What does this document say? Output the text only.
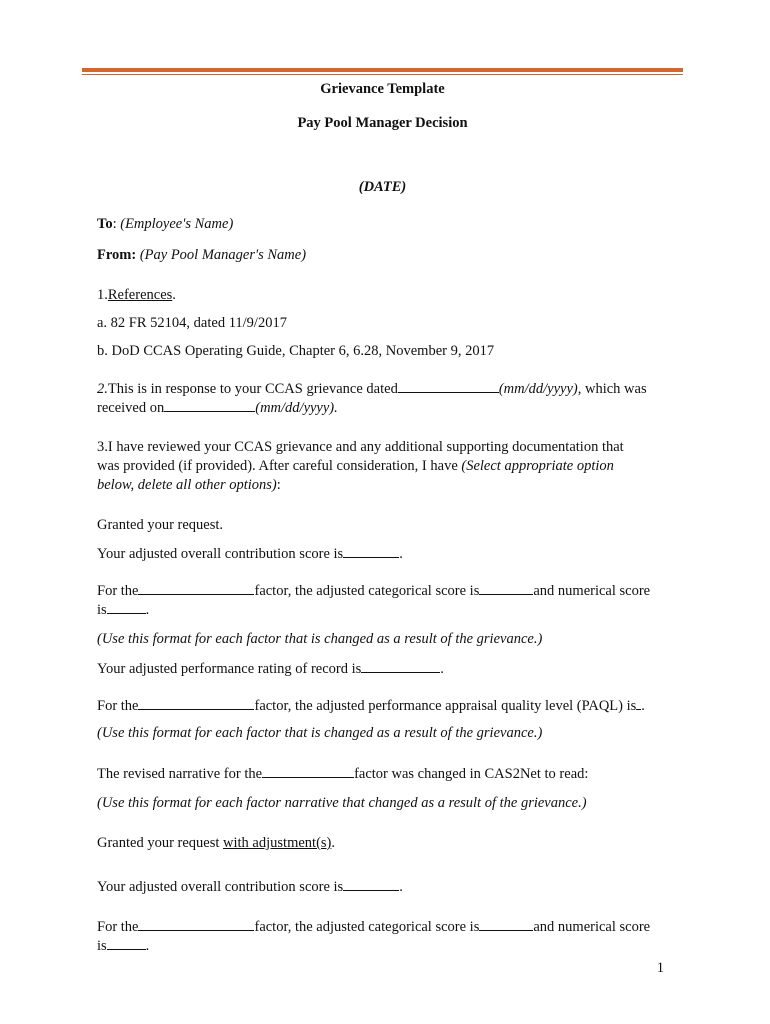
Grievance Template
Pay Pool Manager Decision
(DATE)
To: (Employee's Name)
From: (Pay Pool Manager's Name)
1.References.
a. 82 FR 52104, dated 11/9/2017
b. DoD CCAS Operating Guide, Chapter 6, 6.28, November 9, 2017
2.This is in response to your CCAS grievance dated	(mm/dd/yyyy), which was
received on	(mm/dd/yyyy).
3.I have reviewed your CCAS grievance and any additional supporting documentation that
was provided (if provided). After careful consideration, I have (Select appropriate option
below, delete all other options):
Granted your request.
Your adjusted overall contribution score is	.
For the	factor, the adjusted categorical score is	and numerical score
is	.
(Use this format for each factor that is changed as a result of the grievance.)
Your adjusted performance rating of record is	.
For the	factor, the adjusted performance appraisal quality level (PAQL) is .
(Use this format for each factor that is changed as a result of the grievance.)
The revised narrative for the	factor was changed in CAS2Net to read:
(Use this format for each factor narrative that changed as a result of the grievance.)
Granted your request with adjustment(s).
Your adjusted overall contribution score is	.
For the	factor, the adjusted categorical score is	and numerical score
is	.
1
